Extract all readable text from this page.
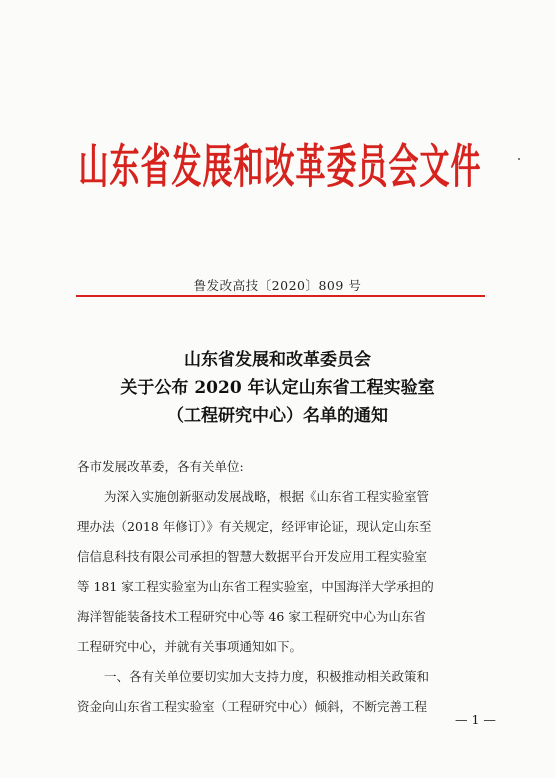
山东省发展和改革委员会文件
鲁发改高技〔2020〕809 号
山东省发展和改革委员会
关于公布 2020 年认定山东省工程实验室
（工程研究中心）名单的通知
各市发展改革委，各有关单位:
为深入实施创新驱动发展战略，根据《山东省工程实验室管
理办法（2018 年修订）》有关规定，经评审论证，现认定山东至
信信息科技有限公司承担的智慧大数据平台开发应用工程实验室
等 181 家工程实验室为山东省工程实验室，中国海洋大学承担的
海洋智能装备技术工程研究中心等 46 家工程研究中心为山东省
工程研究中心，并就有关事项通知如下。
一、各有关单位要切实加大支持力度，积极推动相关政策和
资金向山东省工程实验室（工程研究中心）倾斜，不断完善工程
— 1 —
